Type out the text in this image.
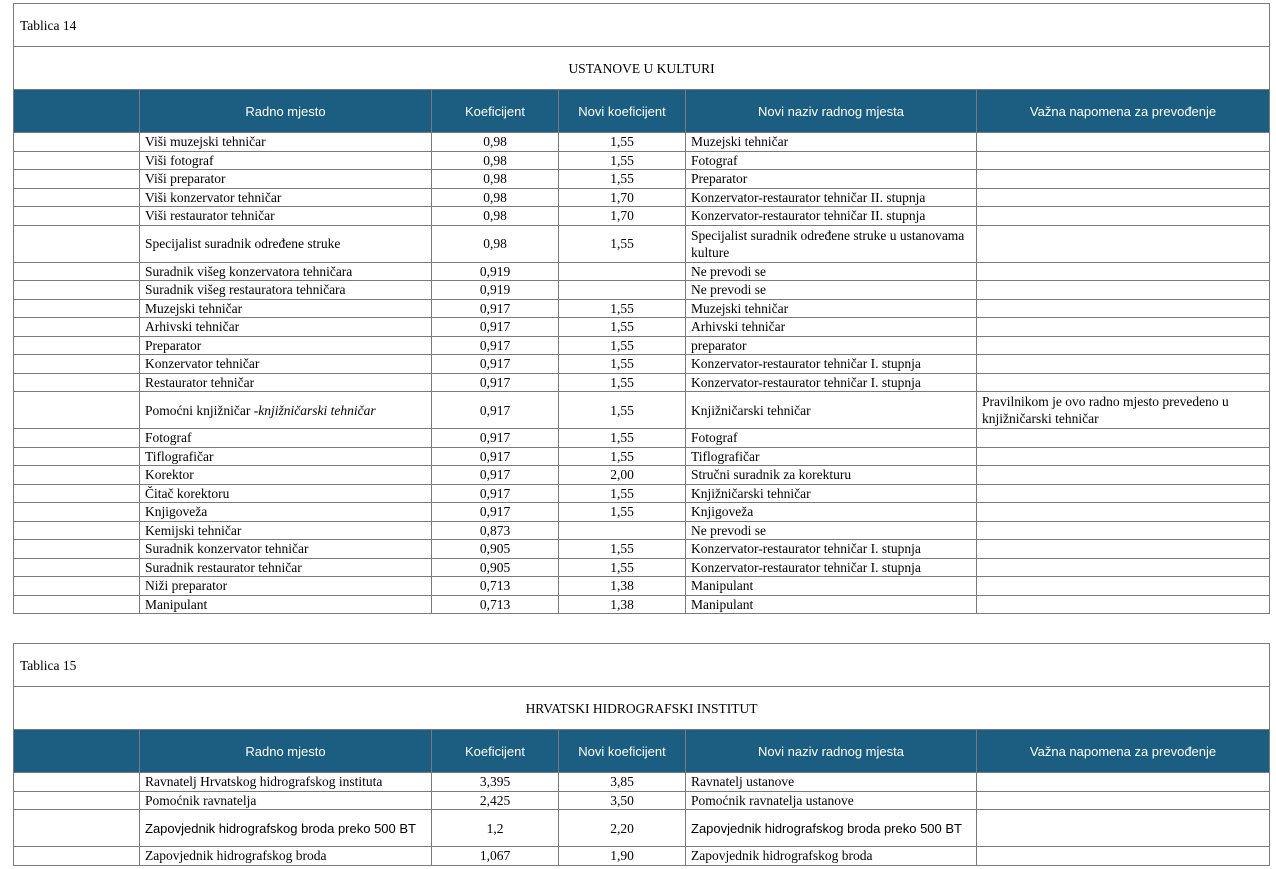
Tablica 14					
USTANOVE U KULTURI					
	Radno mjesto	Koeficijent	Novi koeficijent	Novi naziv radnog mjesta	Važna napomena za prevođenje
	Viši muzejski tehničar	0,98	1,55	Muzejski tehničar	
	Viši fotograf	0,98	1,55	Fotograf	
	Viši preparator	0,98	1,55	Preparator	
	Viši konzervator tehničar	0,98	1,70	Konzervator-restaurator tehničar II. stupnja	
	Viši restaurator tehničar	0,98	1,70	Konzervator-restaurator tehničar II. stupnja	
	Specijalist suradnik određene struke	0,98	1,55	Specijalist suradnik određene struke u ustanovama kulture	
	Suradnik višeg konzervatora tehničara	0,919		Ne prevodi se	
	Suradnik višeg restauratora tehničara	0,919		Ne prevodi se	
	Muzejski tehničar	0,917	1,55	Muzejski tehničar	
	Arhivski tehničar	0,917	1,55	Arhivski tehničar	
	Preparator	0,917	1,55	preparator	
	Konzervator tehničar	0,917	1,55	Konzervator-restaurator tehničar I. stupnja	
	Restaurator tehničar	0,917	1,55	Konzervator-restaurator tehničar I. stupnja	
	Pomoćni knjižničar -knjižničarski tehničar	0,917	1,55	Knjižničarski tehničar	Pravilnikom je ovo radno mjesto prevedeno u knjižničarski tehničar
	Fotograf	0,917	1,55	Fotograf	
	Tiflografičar	0,917	1,55	Tiflografičar	
	Korektor	0,917	2,00	Stručni suradnik za korekturu	
	Čitač korektoru	0,917	1,55	Knjižničarski tehničar	
	Knjigoveža	0,917	1,55	Knjigoveža	
	Kemijski tehničar	0,873		Ne prevodi se	
	Suradnik konzervator tehničar	0,905	1,55	Konzervator-restaurator tehničar I. stupnja	
	Suradnik restaurator tehničar	0,905	1,55	Konzervator-restaurator tehničar I. stupnja	
	Niži preparator	0,713	1,38	Manipulant	
	Manipulant	0,713	1,38	Manipulant	
Tablica 15					
HRVATSKI HIDROGRAFSKI INSTITUT					
	Radno mjesto	Koeficijent	Novi koeficijent	Novi naziv radnog mjesta	Važna napomena za prevođenje
	Ravnatelj Hrvatskog hidrografskog instituta	3,395	3,85	Ravnatelj ustanove	
	Pomoćnik ravnatelja	2,425	3,50	Pomoćnik ravnatelja ustanove	
	Zapovjednik hidrografskog broda preko 500 BT	1,2	2,20	Zapovjednik hidrografskog broda preko 500 BT	
	Zapovjednik hidrografskog broda	1,067	1,90	Zapovjednik hidrografskog broda	
